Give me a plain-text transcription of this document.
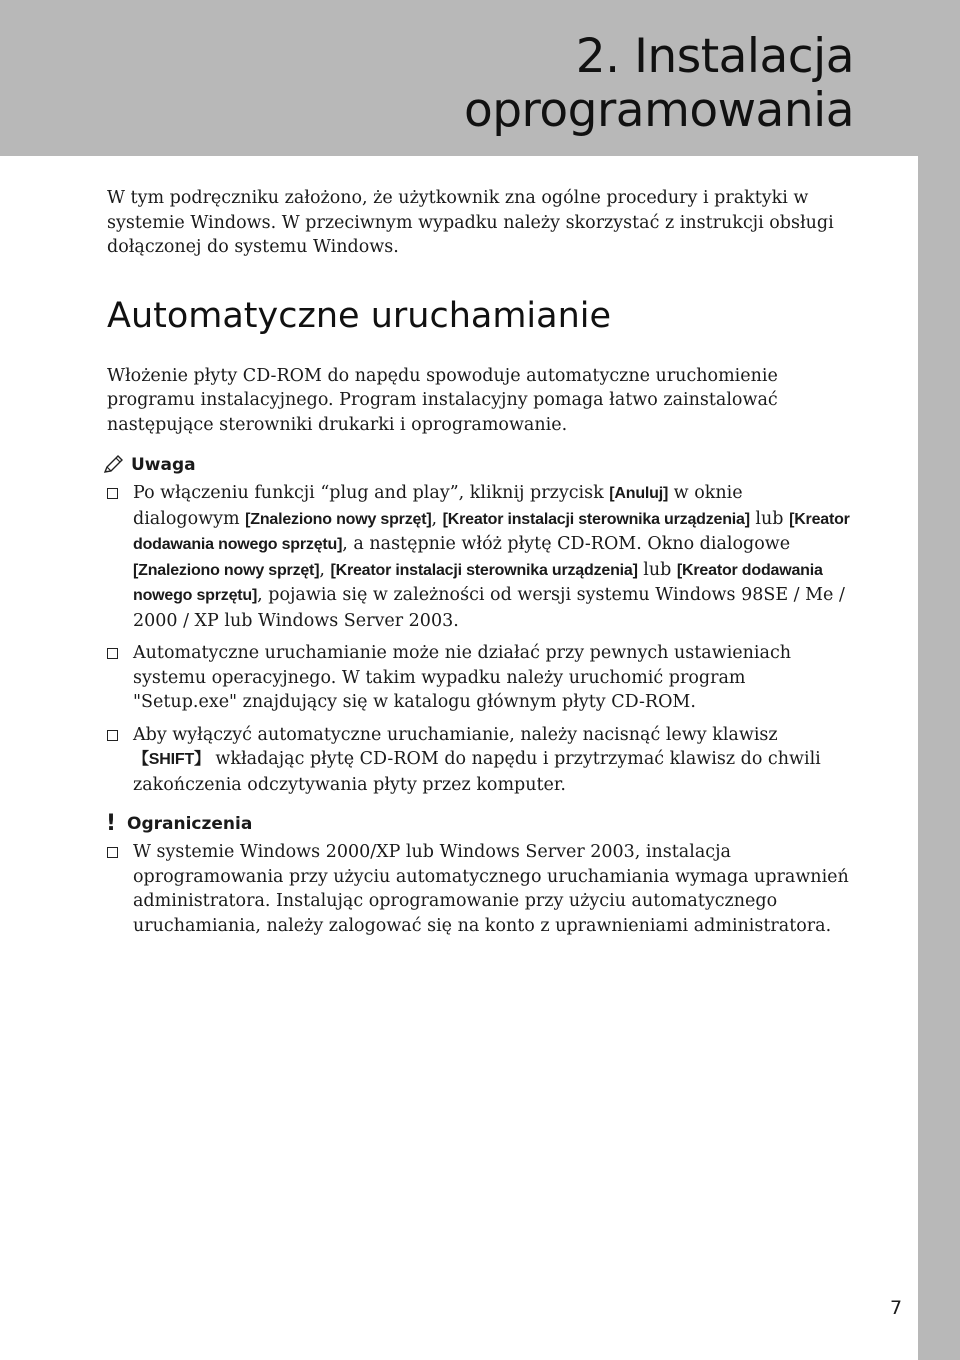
2. Instalacja
oprogramowania

W tym podręczniku założono, że użytkownik zna ogólne procedury i praktyki w systemie Windows. W przeciwnym wypadku należy skorzystać z instrukcji obsługi dołączonej do systemu Windows.

Automatyczne uruchamianie

Włożenie płyty CD-ROM do napędu spowoduje automatyczne uruchomienie programu instalacyjnego. Program instalacyjny pomaga łatwo zainstalować następujące sterowniki drukarki i oprogramowanie.

Uwaga
Po włączeniu funkcji “plug and play”, kliknij przycisk [Anuluj] w oknie dialogowym [Znaleziono nowy sprzęt], [Kreator instalacji sterownika urządzenia] lub [Kreator dodawania nowego sprzętu], a następnie włóż płytę CD-ROM. Okno dialogowe [Znaleziono nowy sprzęt], [Kreator instalacji sterownika urządzenia] lub [Kreator dodawania nowego sprzętu], pojawia się w zależności od wersji systemu Windows 98SE / Me / 2000 / XP lub Windows Server 2003.
Automatyczne uruchamianie może nie działać przy pewnych ustawieniach systemu operacyjnego. W takim wypadku należy uruchomić program "Setup.exe" znajdujący się w katalogu głównym płyty CD-ROM.
Aby wyłączyć automatyczne uruchamianie, należy nacisnąć lewy klawisz 【SHIFT】 wkładając płytę CD-ROM do napędu i przytrzymać klawisz do chwili zakończenia odczytywania płyty przez komputer.
! Ograniczenia
W systemie Windows 2000/XP lub Windows Server 2003, instalacja oprogramowania przy użyciu automatycznego uruchamiania wymaga uprawnień administratora. Instalując oprogramowanie przy użyciu automatycznego uruchamiania, należy zalogować się na konto z uprawnieniami administratora.
7
